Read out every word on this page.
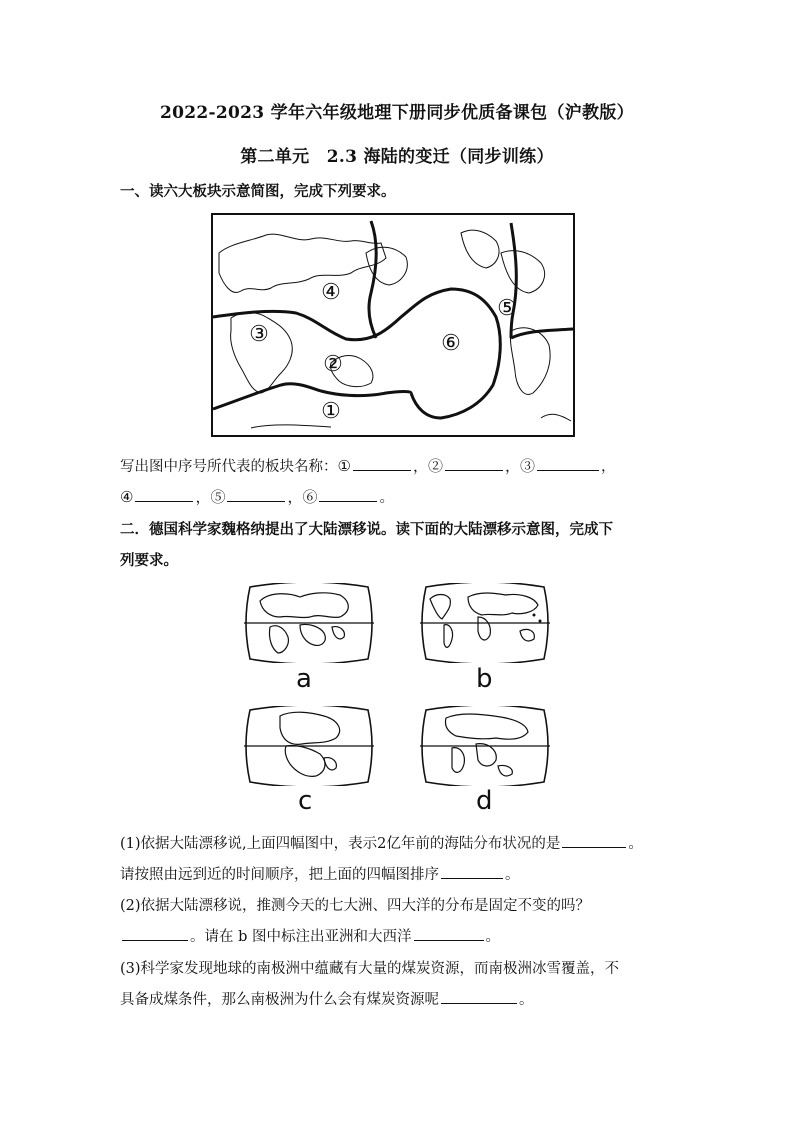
2022-2023 学年六年级地理下册同步优质备课包（沪教版）
第二单元　2.3 海陆的变迁（同步训练）
一、读六大板块示意简图，完成下列要求。
①
②
③
④
⑤
⑥
写出图中序号所代表的板块名称：①	，②	，③	，
④	，⑤	，⑥	。
二．德国科学家魏格纳提出了大陆漂移说。读下面的大陆漂移示意图，完成下
列要求。
a	b
c	d
(1)依据大陆漂移说,上面四幅图中，表示2亿年前的海陆分布状况的是	。
请按照由远到近的时间顺序，把上面的四幅图排序	。
(2)依据大陆漂移说，推测今天的七大洲、四大洋的分布是固定不变的吗？
。请在 b 图中标注出亚洲和大西洋	。
(3)科学家发现地球的南极洲中蕴藏有大量的煤炭资源，而南极洲冰雪覆盖，不
具备成煤条件，那么南极洲为什么会有煤炭资源呢	。
